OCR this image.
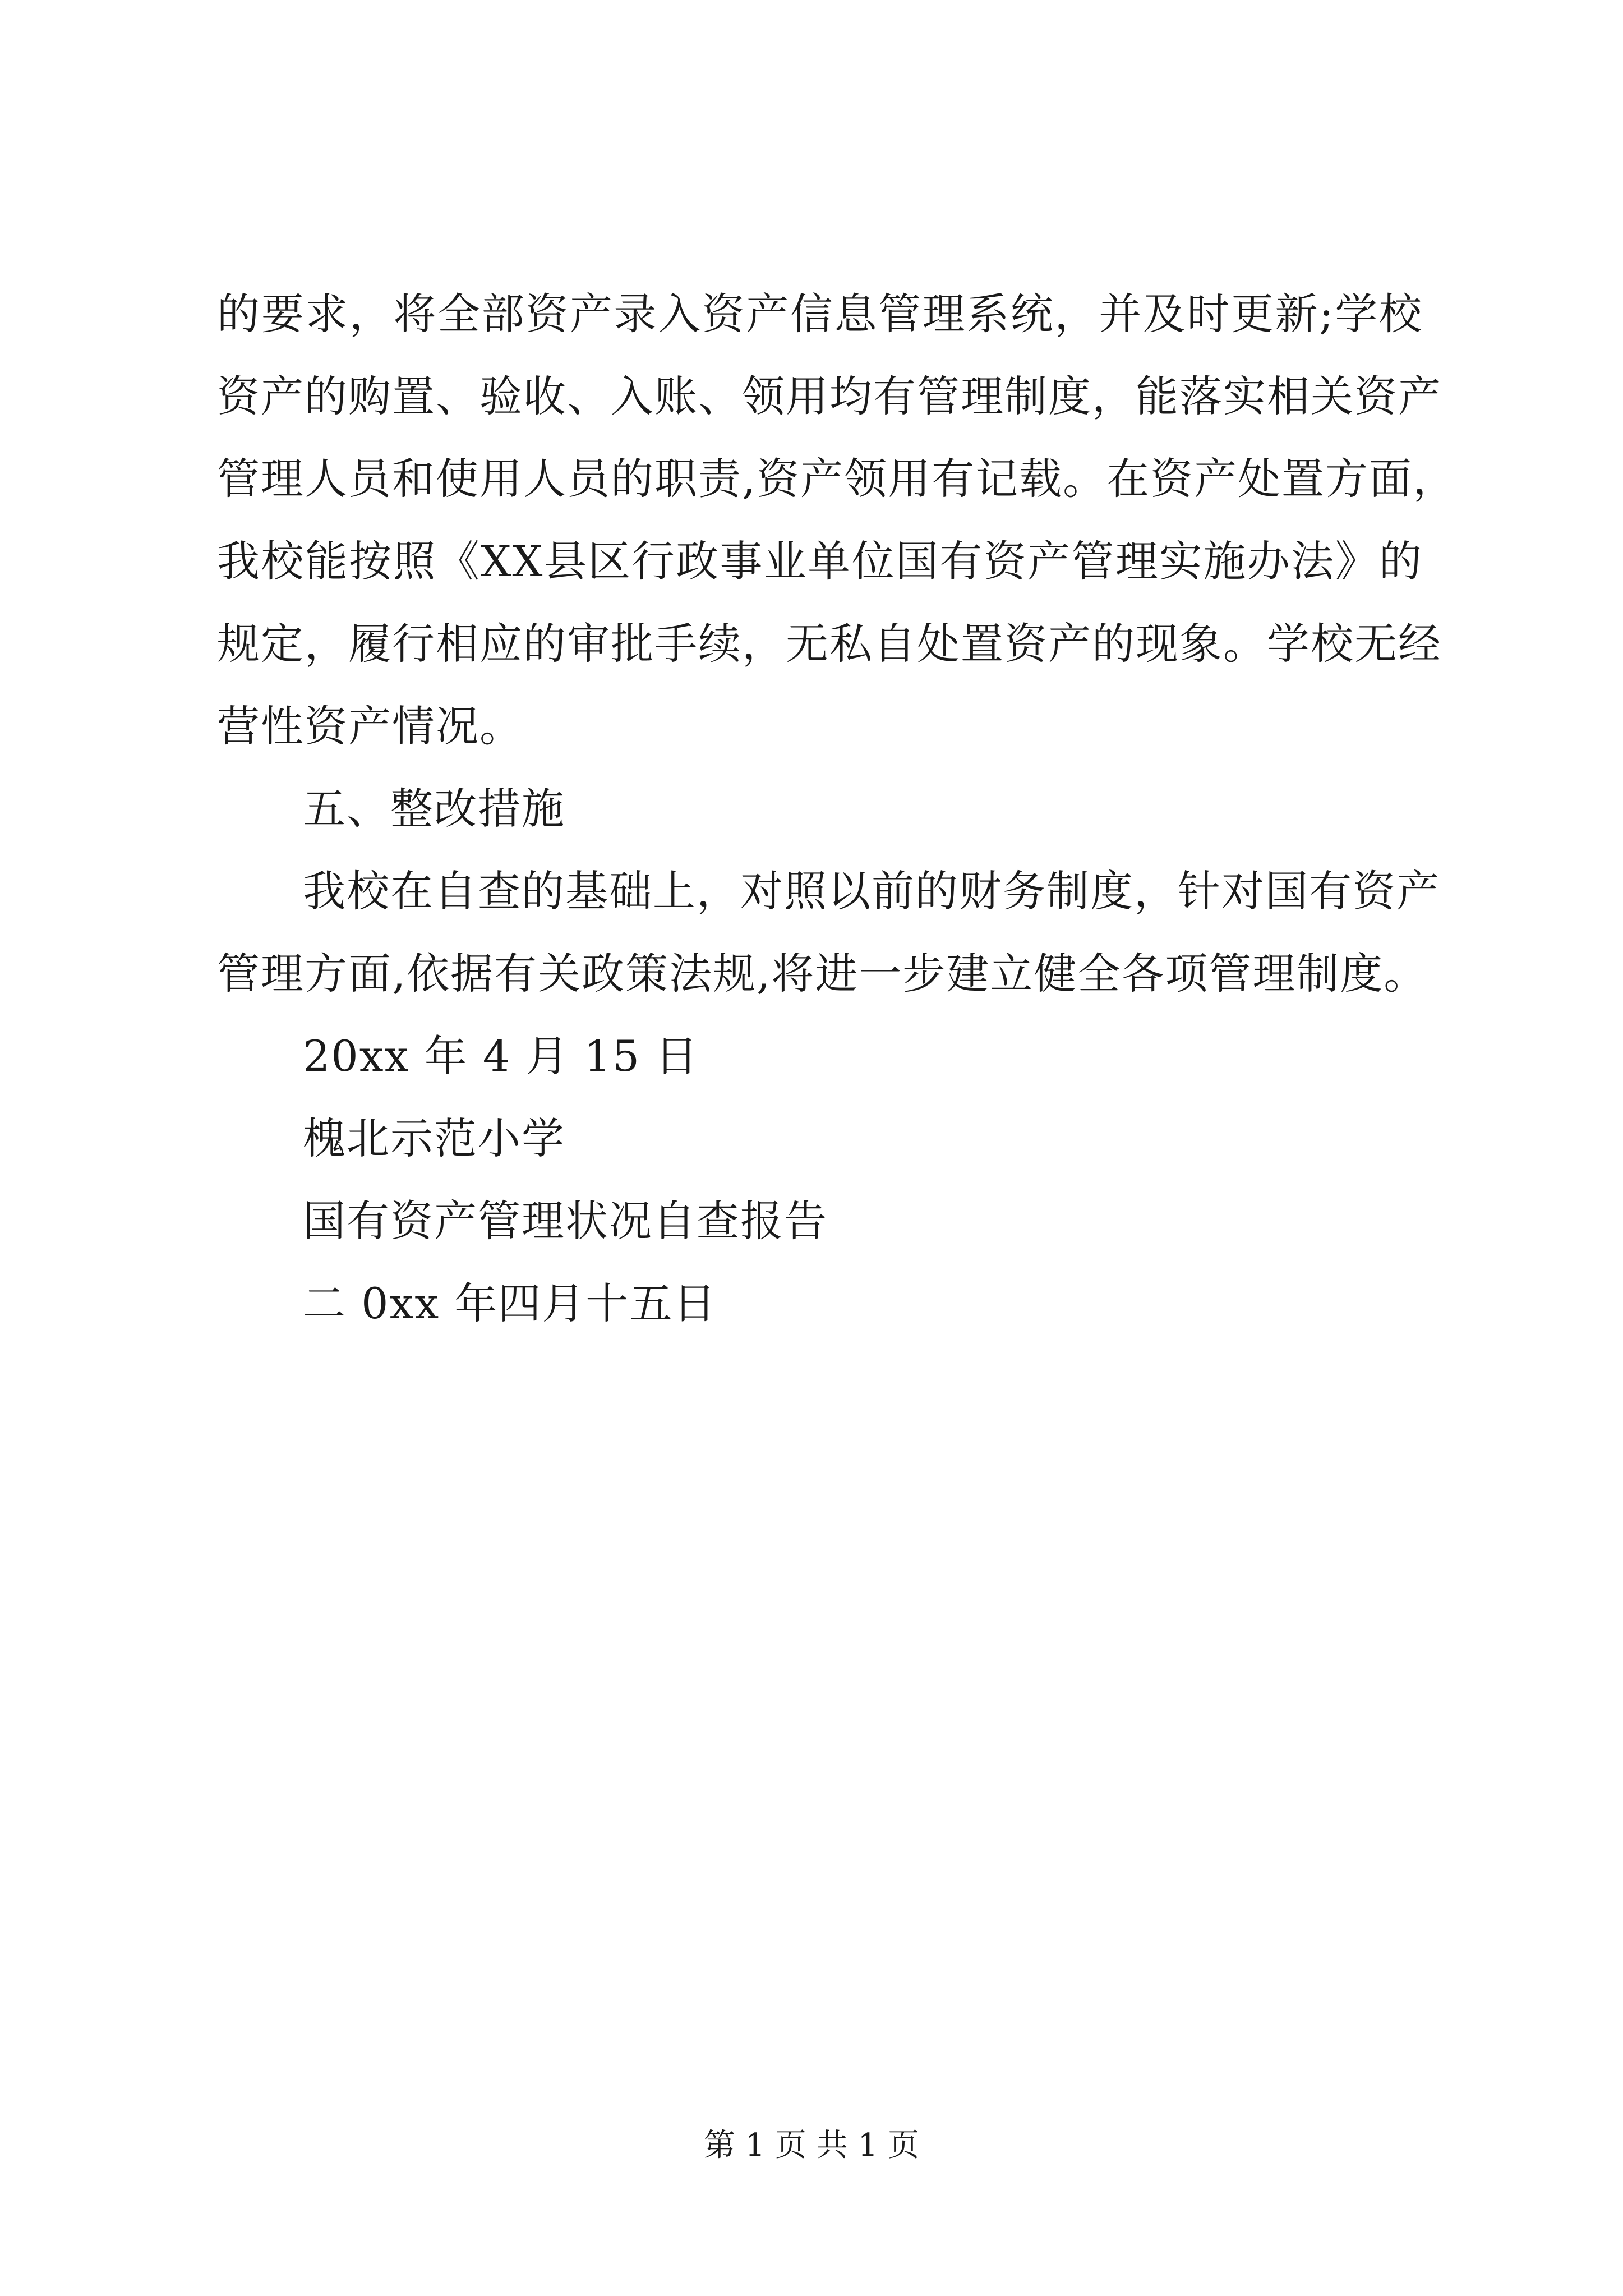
的要求，将全部资产录入资产信息管理系统，并及时更新;学校
资产的购置、验收、入账、领用均有管理制度，能落实相关资产
管理人员和使用人员的职责,资产领用有记载。在资产处置方面，
我校能按照《XX县区行政事业单位国有资产管理实施办法》的
规定，履行相应的审批手续，无私自处置资产的现象。学校无经
营性资产情况。
五、整改措施
我校在自查的基础上，对照以前的财务制度，针对国有资产
管理方面,依据有关政策法规,将进一步建立健全各项管理制度。
20xx 年 4 月 15 日
槐北示范小学
国有资产管理状况自查报告
二 0xx 年四月十五日
第 1 页 共 1 页
